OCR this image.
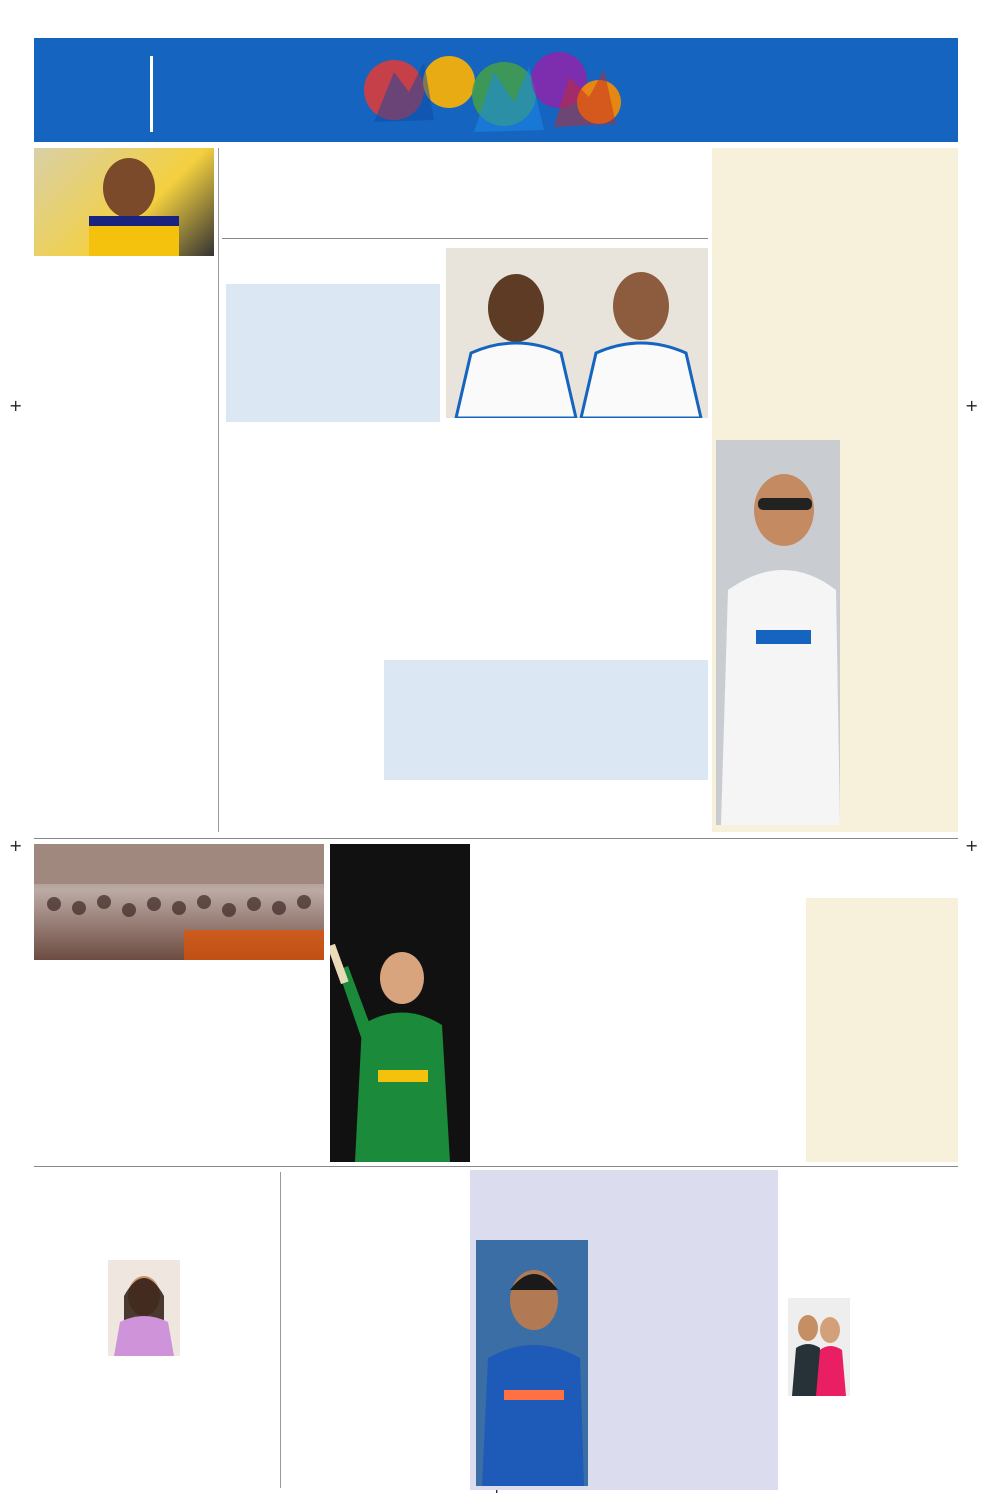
+	+
+	+
